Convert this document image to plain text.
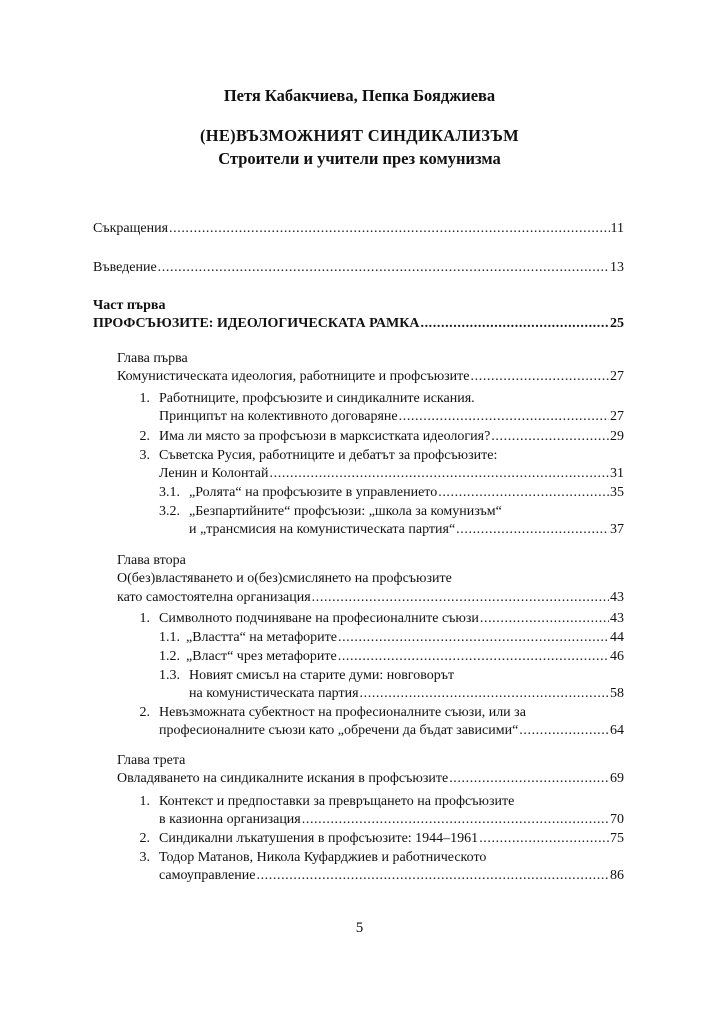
Петя Кабакчиева, Пепка Бояджиева
(НЕ)ВЪЗМОЖНИЯТ СИНДИКАЛИЗЪМ
Строители и учители през комунизма
Съкращения .....	11
Въведение .....	13
Част първа
ПРОФСЪЮЗИТЕ: ИДЕОЛОГИЧЕСКАТА РАМКА .....	25
Глава първа
Комунистическата идеология, работниците и профсъюзите .....	27
1. Работниците, профсъюзите и синдикалните искания.
Принципът на колективното договаряне .....	27
2. Има ли място за профсъюзи в марксистката идеология? .....	29
3. Съветска Русия, работниците и дебатът за профсъюзите:
Ленин и Колонтай .....	31
3.1. „Ролята“ на профсъюзите в управлението .....	35
3.2. „Безпартийните“ профсъюзи: „школа за комунизъм“
и „трансмисия на комунистическата партия“ .....	37
Глава втора
О(без)властяването и о(без)смислянето на профсъюзите
като самостоятелна организация .....	43
1. Символното подчиняване на професионалните съюзи .....	43
1.1. „Властта“ на метафорите .....	44
1.2. „Власт“ чрез метафорите .....	46
1.3. Новият смисъл на старите думи: новговорът
на комунистическата партия .....	58
2. Невъзможната субектност на професионалните съюзи, или за
професионалните съюзи като „обречени да бъдат зависими“ .....	64
Глава трета
Овладяването на синдикалните искания в профсъюзите .....	69
1. Контекст и предпоставки за превръщането на профсъюзите
в казионна организация .....	70
2. Синдикални лъкатушения в профсъюзите: 1944–1961 .....	75
3. Тодор Матанов, Никола Куфарджиев и работническото
самоуправление .....	86
5
